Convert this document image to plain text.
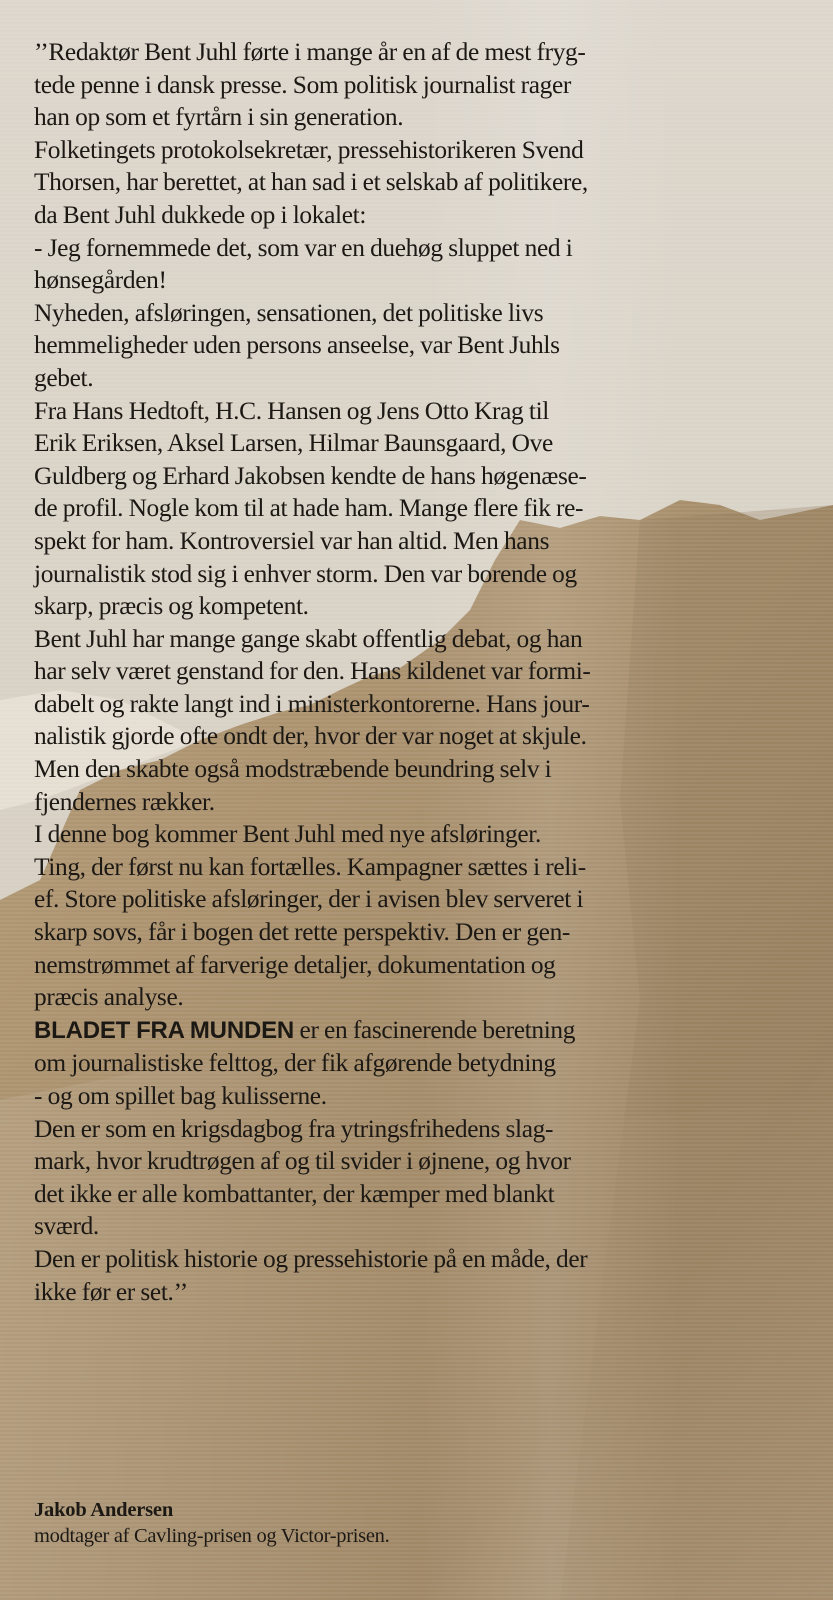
’’Redaktør Bent Juhl førte i mange år en af de mest fryg-
tede penne i dansk presse. Som politisk journalist rager
han op som et fyrtårn i sin generation.

Folketingets protokolsekretær, pressehistorikeren Svend
Thorsen, har berettet, at han sad i et selskab af politikere,
da Bent Juhl dukkede op i lokalet:

- Jeg fornemmede det, som var en duehøg sluppet ned i
hønsegården!

Nyheden, afsløringen, sensationen, det politiske livs
hemmeligheder uden persons anseelse, var Bent Juhls
gebet.

Fra Hans Hedtoft, H.C. Hansen og Jens Otto Krag til
Erik Eriksen, Aksel Larsen, Hilmar Baunsgaard, Ove
Guldberg og Erhard Jakobsen kendte de hans høgenæse-
de profil. Nogle kom til at hade ham. Mange flere fik re-
spekt for ham. Kontroversiel var han altid. Men hans
journalistik stod sig i enhver storm. Den var borende og
skarp, præcis og kompetent.

Bent Juhl har mange gange skabt offentlig debat, og han
har selv været genstand for den. Hans kildenet var formi-
dabelt og rakte langt ind i ministerkontorerne. Hans jour-
nalistik gjorde ofte ondt der, hvor der var noget at skjule.
Men den skabte også modstræbende beundring selv i
fjendernes rækker.

I denne bog kommer Bent Juhl med nye afsløringer.
Ting, der først nu kan fortælles. Kampagner sættes i reli-
ef. Store politiske afsløringer, der i avisen blev serveret i
skarp sovs, får i bogen det rette perspektiv. Den er gen-
nemstrømmet af farverige detaljer, dokumentation og
præcis analyse.

BLADET FRA MUNDEN er en fascinerende beretning
om journalistiske felttog, der fik afgørende betydning
- og om spillet bag kulisserne.

Den er som en krigsdagbog fra ytringsfrihedens slag-
mark, hvor krudtrøgen af og til svider i øjnene, og hvor
det ikke er alle kombattanter, der kæmper med blankt
sværd.

Den er politisk historie og pressehistorie på en måde, der
ikke før er set.’’

Jakob Andersen
modtager af Cavling-prisen og Victor-prisen.
